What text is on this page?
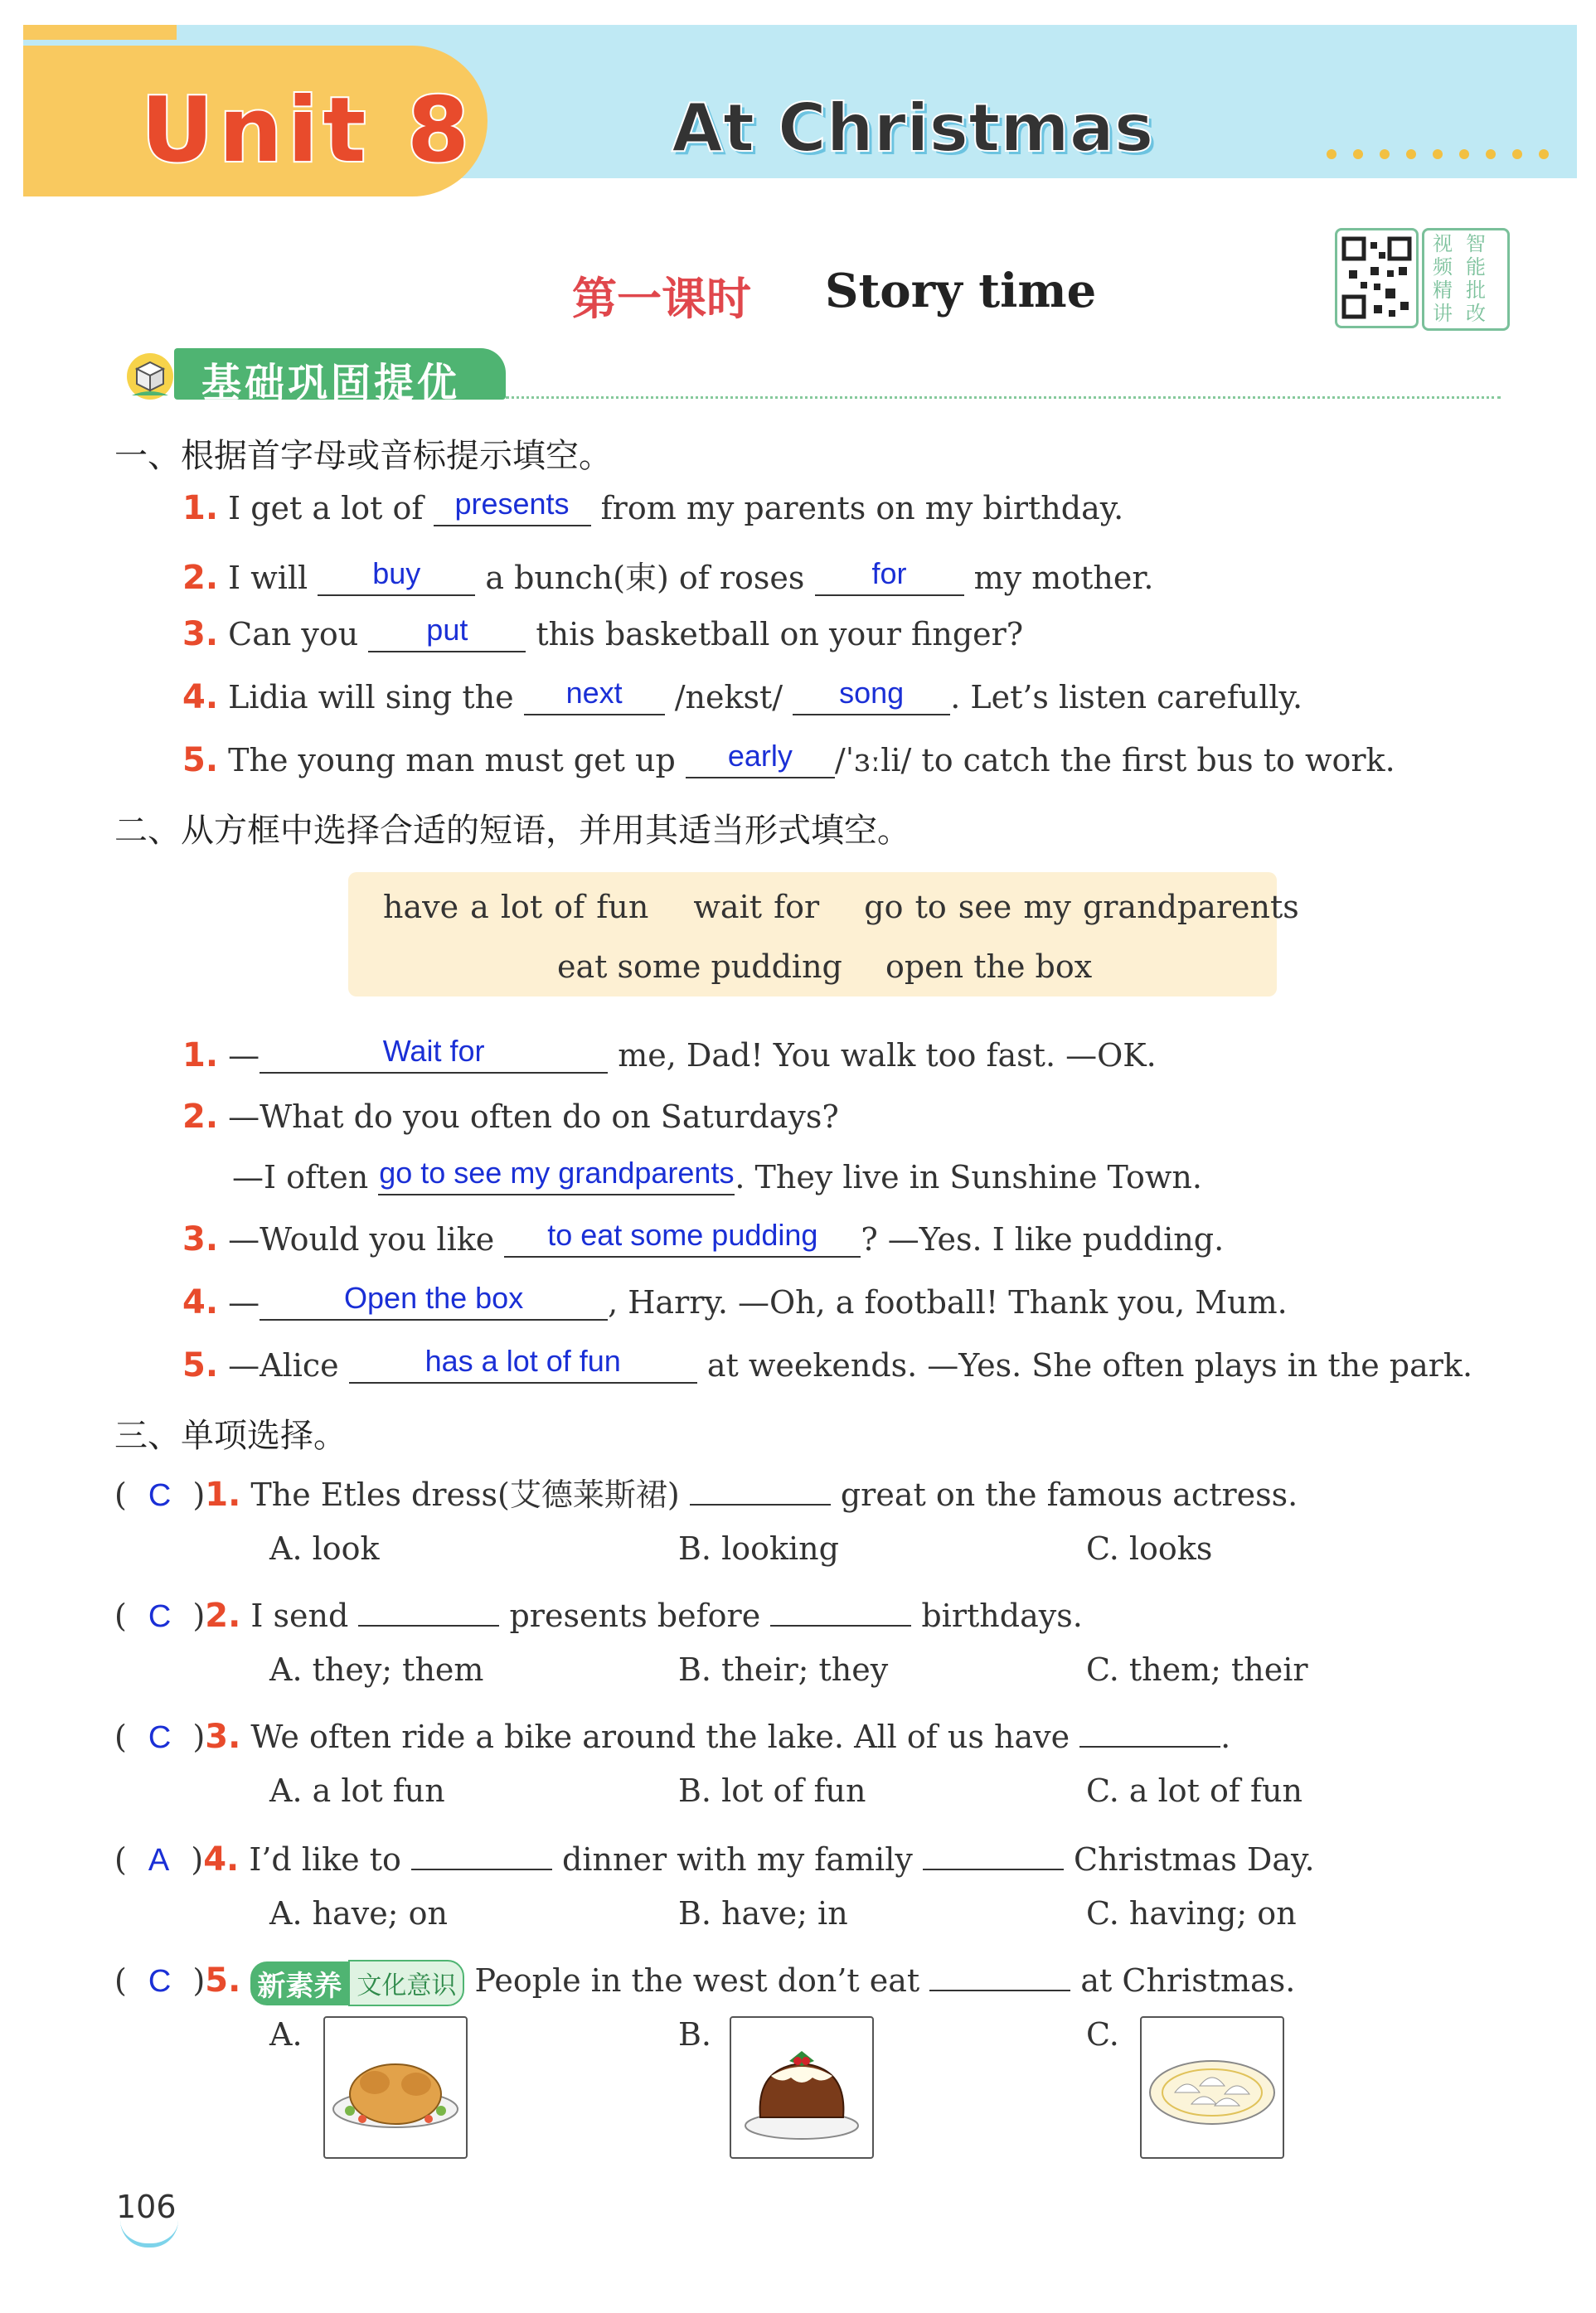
Unit 8	At Christmas
第一课时 Story time
视 智
频 能
精 批
讲 改
基础巩固提优
一、根据首字母或音标提示填空。
1. I get a lot of presents from my parents on my birthday.
2. I will buy a bunch(束) of roses for my mother.
3. Can you put this basketball on your finger?
4. Lidia will sing the next /nekst/ song . Let’s listen carefully.
5. The young man must get up early /ˈɜːli/ to catch the first bus to work.
二、从方框中选择合适的短语，并用其适当形式填空。
have a lot of fun wait for go to see my grandparents
eat some pudding open the box
1. —	Wait for	me, Dad! You walk too fast. —OK.
2. —What do you often do on Saturdays?
—I often go to see my grandparents. They live in Sunshine Town.
3. —Would you like to eat some pudding ? —Yes. I like pudding.
4. —	Open the box	, Harry. —Oh, a football! Thank you, Mum.
5. —Alice	has a lot of fun	at weekends. —Yes. She often plays in the park.
三、单项选择。
( C )1. The Etles dress(艾德莱斯裙)	great on the famous actress.
A. look	B. looking	C. looks
( C )2. I send	presents before	birthdays.
A. they; them	B. their; they	C. them; their
( C )3. We often ride a bike around the lake. All of us have	.
A. a lot fun	B. lot of fun	C. a lot of fun
( A )4. I’d like to	dinner with my family	Christmas Day.
A. have; on	B. have; in	C. having; on
( C )5. 新素养 文化意识 People in the west don’t eat	at Christmas.
A.	B.	C.
106
